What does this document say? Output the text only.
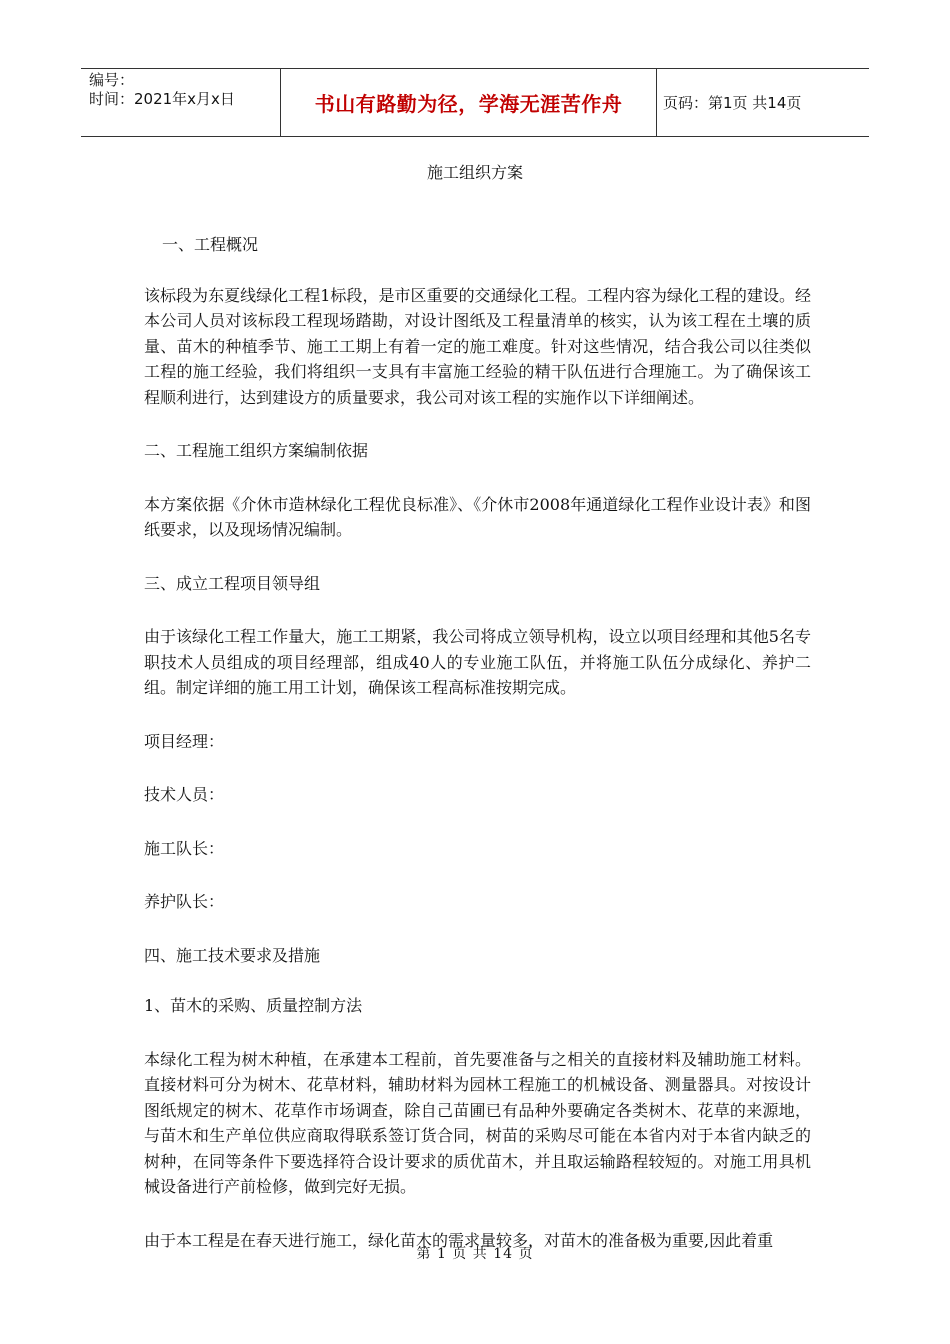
编号：
时间：2021年x月x日	书山有路勤为径，学海无涯苦作舟	页码：第1页 共14页
施工组织方案

一、工程概况

该标段为东夏线绿化工程1标段，是市区重要的交通绿化工程。工程内容为绿化工程的建设。经本公司人员对该标段工程现场踏勘，对设计图纸及工程量清单的核实，认为该工程在土壤的质量、苗木的种植季节、施工工期上有着一定的施工难度。针对这些情况，结合我公司以往类似工程的施工经验，我们将组织一支具有丰富施工经验的精干队伍进行合理施工。为了确保该工程顺利进行，达到建设方的质量要求，我公司对该工程的实施作以下详细阐述。

二、工程施工组织方案编制依据

本方案依据《介休市造林绿化工程优良标准》、《介休市2008年通道绿化工程作业设计表》和图纸要求，以及现场情况编制。

三、成立工程项目领导组

由于该绿化工程工作量大，施工工期紧，我公司将成立领导机构，设立以项目经理和其他5名专职技术人员组成的项目经理部，组成40人的专业施工队伍，并将施工队伍分成绿化、养护二组。制定详细的施工用工计划，确保该工程高标准按期完成。

项目经理：

技术人员：

施工队长：

养护队长：

四、施工技术要求及措施

1、苗木的采购、质量控制方法

本绿化工程为树木种植，在承建本工程前，首先要准备与之相关的直接材料及辅助施工材料。直接材料可分为树木、花草材料，辅助材料为园林工程施工的机械设备、测量器具。对按设计图纸规定的树木、花草作市场调查，除自己苗圃已有品种外要确定各类树木、花草的来源地，与苗木和生产单位供应商取得联系签订货合同，树苗的采购尽可能在本省内对于本省内缺乏的树种，在同等条件下要选择符合设计要求的质优苗木，并且取运输路程较短的。对施工用具机械设备进行产前检修，做到完好无损。

由于本工程是在春天进行施工，绿化苗木的需求量较多，对苗木的准备极为重要,因此着重

第 1 页 共 14 页
